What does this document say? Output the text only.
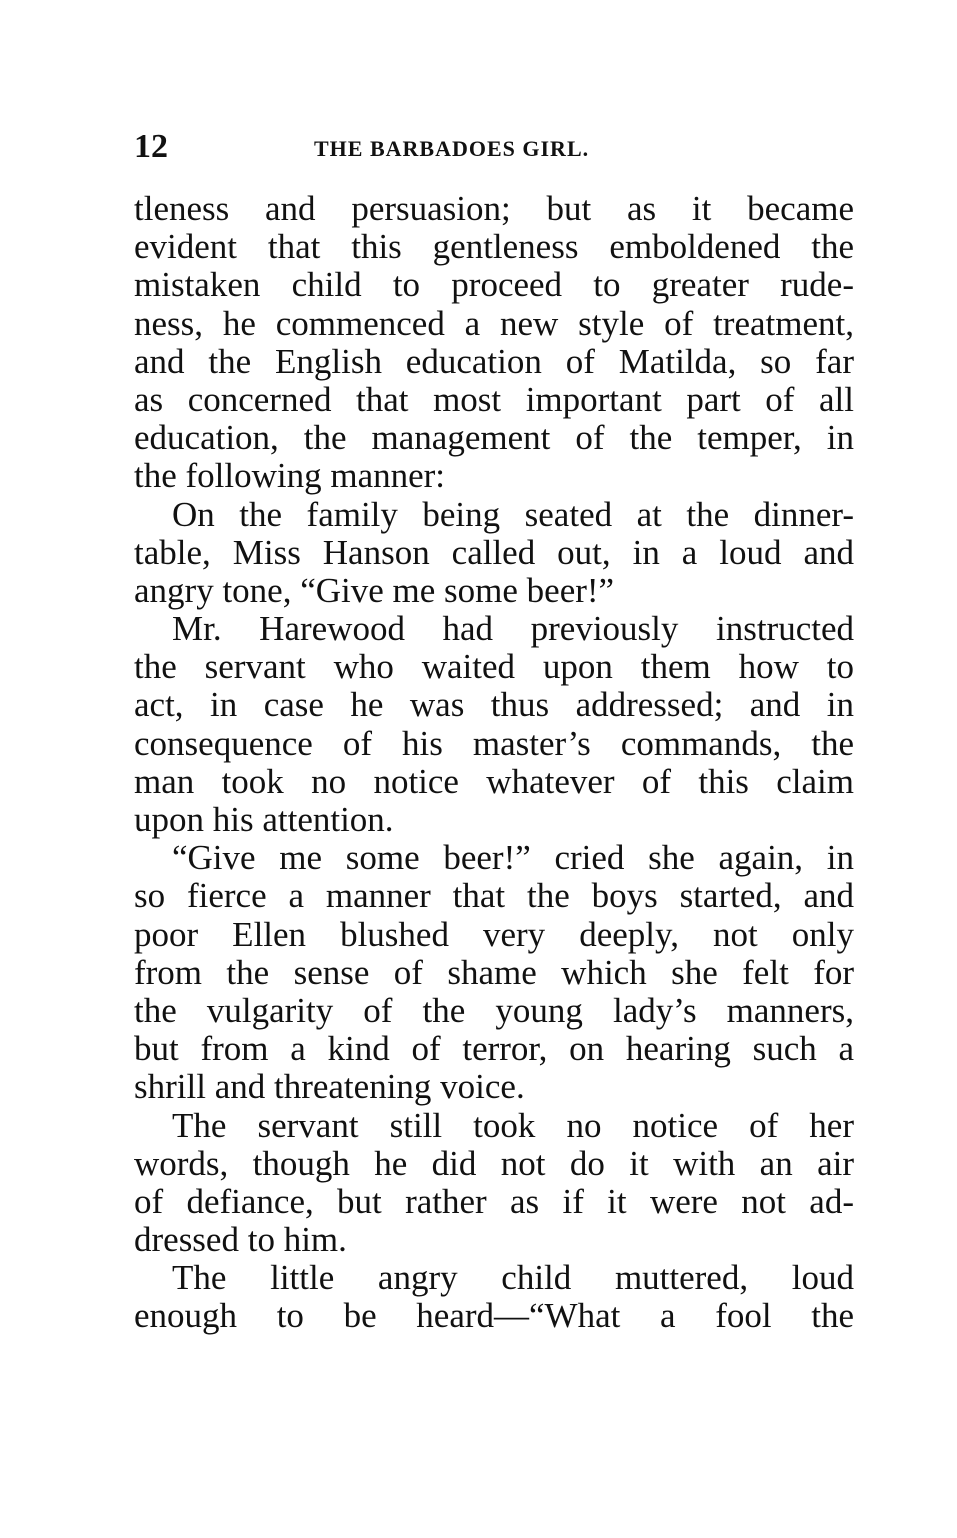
12	THE BARBADOES GIRL.
tleness and persuasion; but as it became
evident that this gentleness emboldened the
mistaken child to proceed to greater rude-
ness, he commenced a new style of treatment,
and the English education of Matilda, so far
as concerned that most important part of all
education, the management of the temper, in
the following manner:
On the family being seated at the dinner-
table, Miss Hanson called out, in a loud and
angry tone, “Give me some beer!”
Mr. Harewood had previously instructed
the servant who waited upon them how to
act, in case he was thus addressed; and in
consequence of his master’s commands, the
man took no notice whatever of this claim
upon his attention.
“Give me some beer!” cried she again, in
so fierce a manner that the boys started, and
poor Ellen blushed very deeply, not only
from the sense of shame which she felt for
the vulgarity of the young lady’s manners,
but from a kind of terror, on hearing such a
shrill and threatening voice.
The servant still took no notice of her
words, though he did not do it with an air
of defiance, but rather as if it were not ad-
dressed to him.
The little angry child muttered, loud
enough to be heard—“What a fool the
